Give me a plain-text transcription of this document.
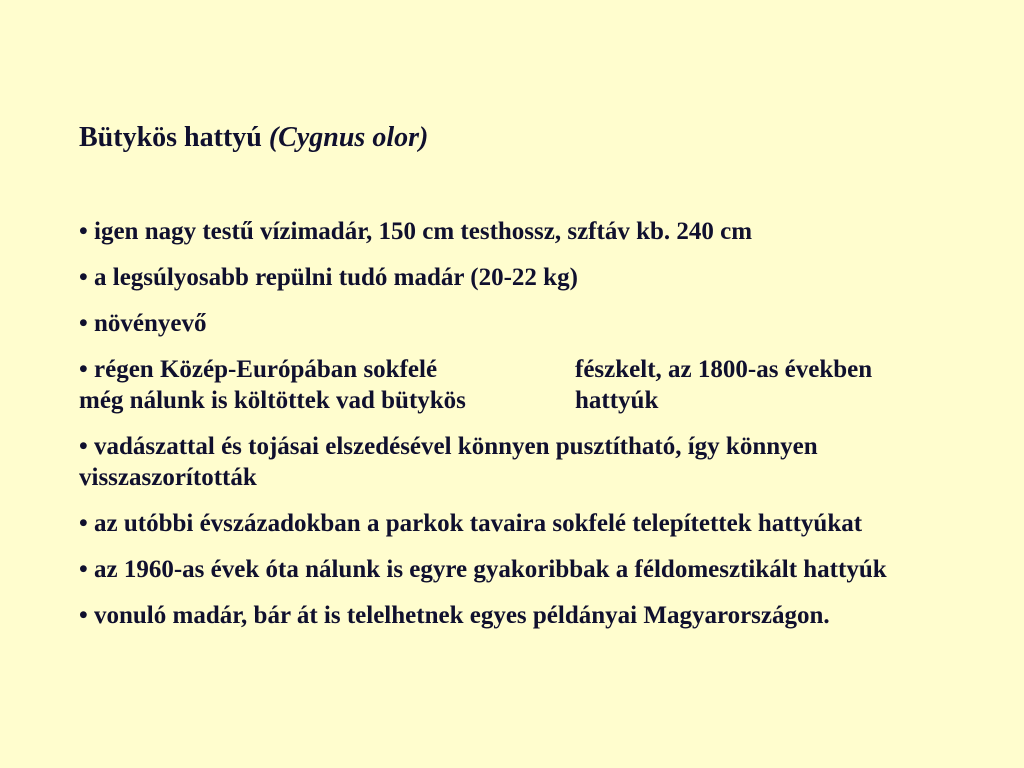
Bütykös hattyú (Cygnus olor)

• igen nagy testű vízimadár, 150 cm testhossz, szftáv kb. 240 cm

• a legsúlyosabb repülni tudó madár (20-22 kg)

• növényevő

• régen Közép-Európában sokfelé	fészkelt, az 1800-as években
még nálunk is költöttek vad bütykös	hattyúk
• vadászattal és tojásai elszedésével könnyen pusztítható, így könnyen
visszaszorították

• az utóbbi évszázadokban a parkok tavaira sokfelé telepítettek hattyúkat

• az 1960-as évek óta nálunk is egyre gyakoribbak a féldomesztikált hattyúk

• vonuló madár, bár át is telelhetnek egyes példányai Magyarországon.
